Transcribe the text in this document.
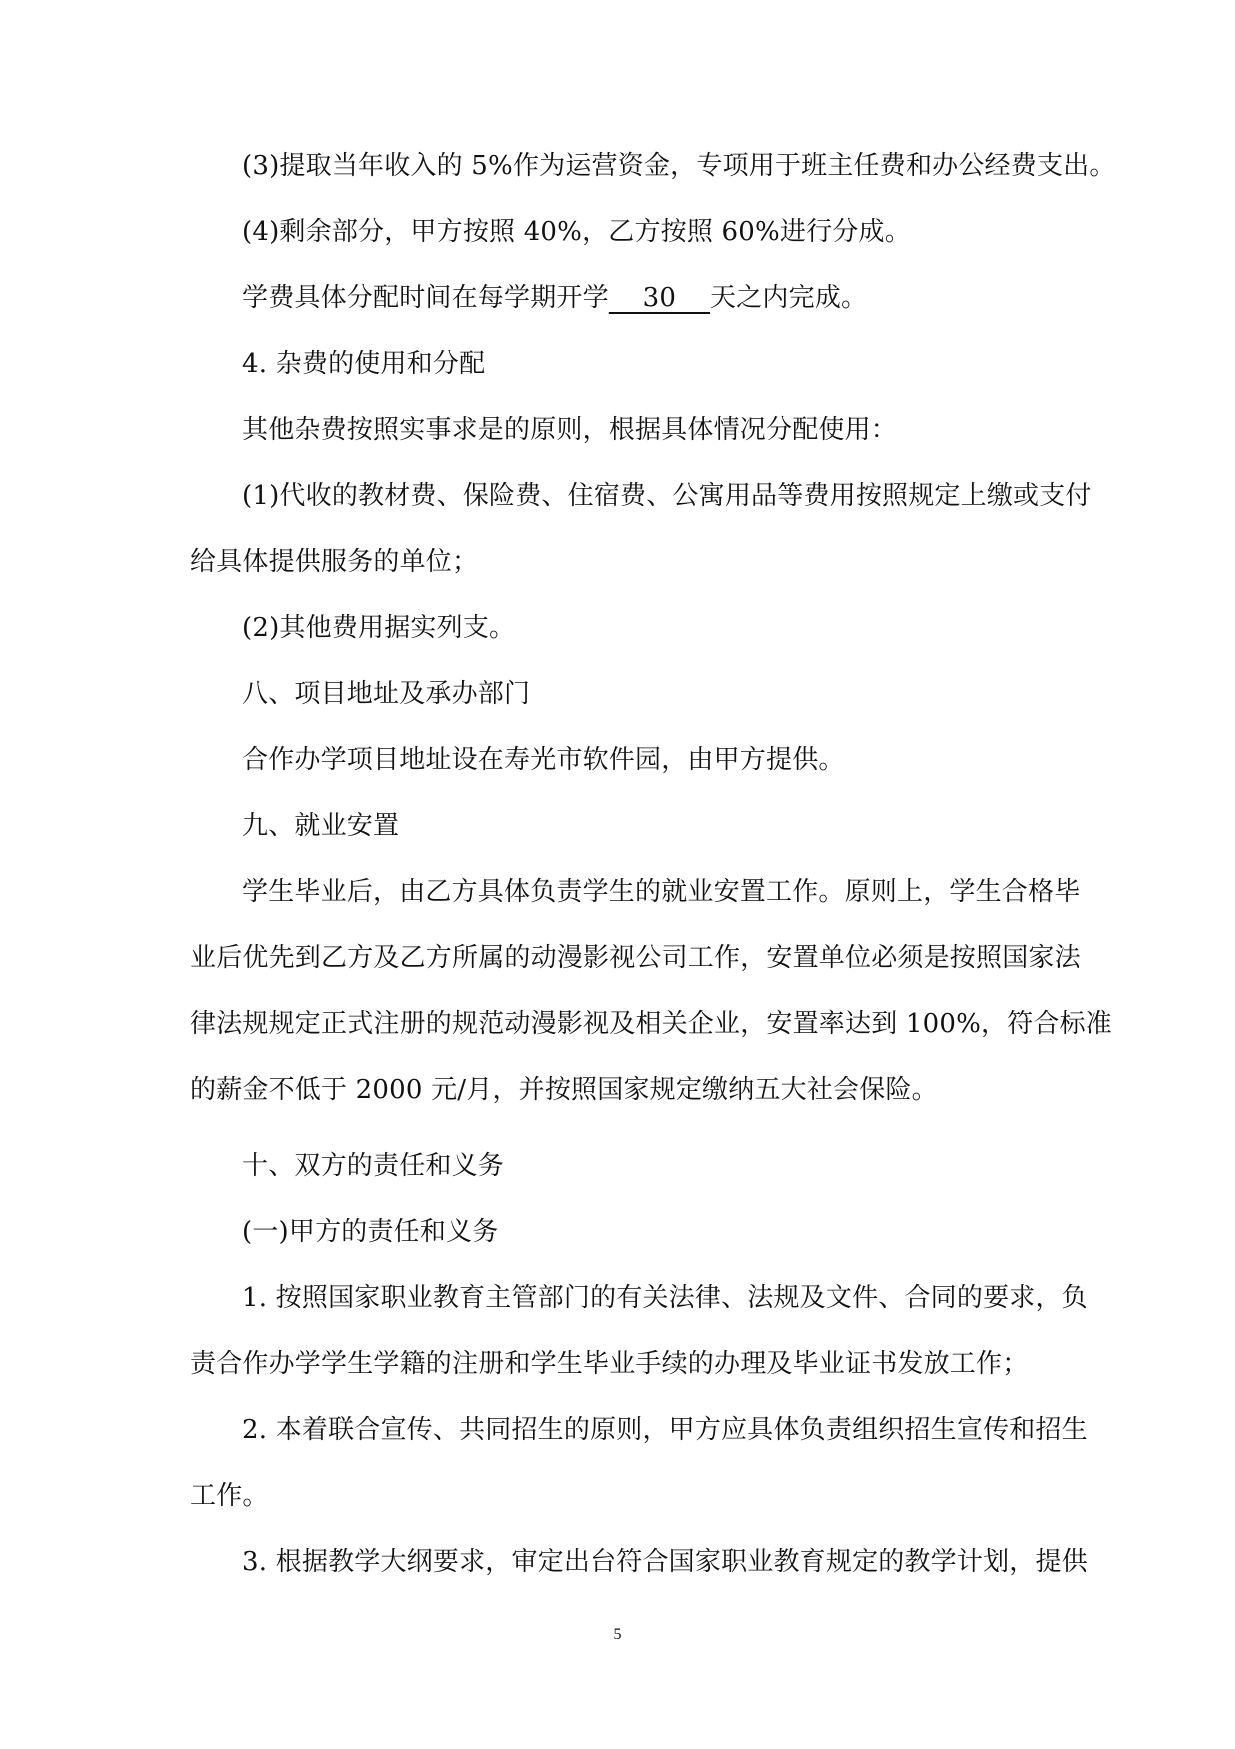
(3)提取当年收入的 5%作为运营资金，专项用于班主任费和办公经费支出。
(4)剩余部分，甲方按照 40%，乙方按照 60%进行分成。
学费具体分配时间在每学期开学    30    天之内完成。
4. 杂费的使用和分配
其他杂费按照实事求是的原则，根据具体情况分配使用：
(1)代收的教材费、保险费、住宿费、公寓用品等费用按照规定上缴或支付
给具体提供服务的单位；
(2)其他费用据实列支。
八、项目地址及承办部门
合作办学项目地址设在寿光市软件园，由甲方提供。
九、就业安置
学生毕业后，由乙方具体负责学生的就业安置工作。原则上，学生合格毕
业后优先到乙方及乙方所属的动漫影视公司工作，安置单位必须是按照国家法
律法规规定正式注册的规范动漫影视及相关企业，安置率达到 100%，符合标准
的薪金不低于 2000 元/月，并按照国家规定缴纳五大社会保险。
十、双方的责任和义务
(一)甲方的责任和义务
1. 按照国家职业教育主管部门的有关法律、法规及文件、合同的要求，负
责合作办学学生学籍的注册和学生毕业手续的办理及毕业证书发放工作；
2. 本着联合宣传、共同招生的原则，甲方应具体负责组织招生宣传和招生
工作。
3. 根据教学大纲要求，审定出台符合国家职业教育规定的教学计划，提供
5
